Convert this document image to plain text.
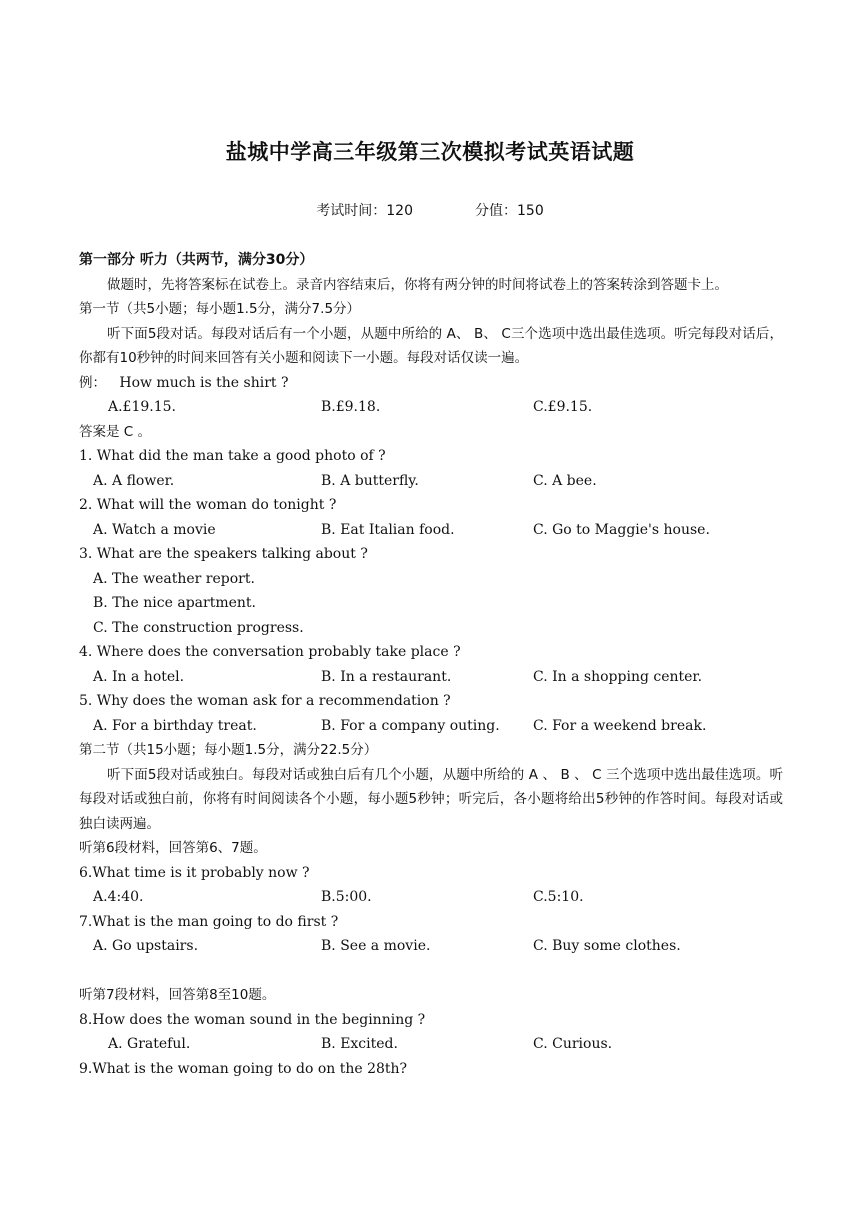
盐城中学高三年级第三次模拟考试英语试题
考试时间：120	分值：150
第一部分 听力（共两节，满分30分）
做题时，先将答案标在试卷上。录音内容结束后，你将有两分钟的时间将试卷上的答案转涂到答题卡上。
第一节（共5小题；每小题1.5分，满分7.5分）
听下面5段对话。每段对话后有一个小题，从题中所给的 A、 B、 C三个选项中选出最佳选项。听完每段对话后，你都有10秒钟的时间来回答有关小题和阅读下一小题。每段对话仅读一遍。
例： How much is the shirt ?
A.£19.15.	B.£9.18.	C.£9.15.
答案是 C 。
1. What did the man take a good photo of ?
A. A flower.	B. A butterfly.	C. A bee.
2. What will the woman do tonight ?
A. Watch a movie	B. Eat Italian food.	C. Go to Maggie's house.
3. What are the speakers talking about ?
A. The weather report.
B. The nice apartment.
C. The construction progress.
4. Where does the conversation probably take place ?
A. In a hotel.	B. In a restaurant.	C. In a shopping center.
5. Why does the woman ask for a recommendation ?
A. For a birthday treat.	B. For a company outing. C. For a weekend break.
第二节（共15小题；每小题1.5分，满分22.5分）
听下面5段对话或独白。每段对话或独白后有几个小题，从题中所给的 A 、 B 、 C 三个选项中选出最佳选项。听每段对话或独白前，你将有时间阅读各个小题，每小题5秒钟；听完后，各小题将给出5秒钟的作答时间。每段对话或独白读两遍。
听第6段材料，回答第6、7题。
6.What time is it probably now ?
A.4:40.	B.5:00.	C.5:10.
7.What is the man going to do first ?
A. Go upstairs.	B. See a movie.	C. Buy some clothes.
听第7段材料，回答第8至10题。
8.How does the woman sound in the beginning ?
A. Grateful.	B. Excited.	C. Curious.
9.What is the woman going to do on the 28th?
